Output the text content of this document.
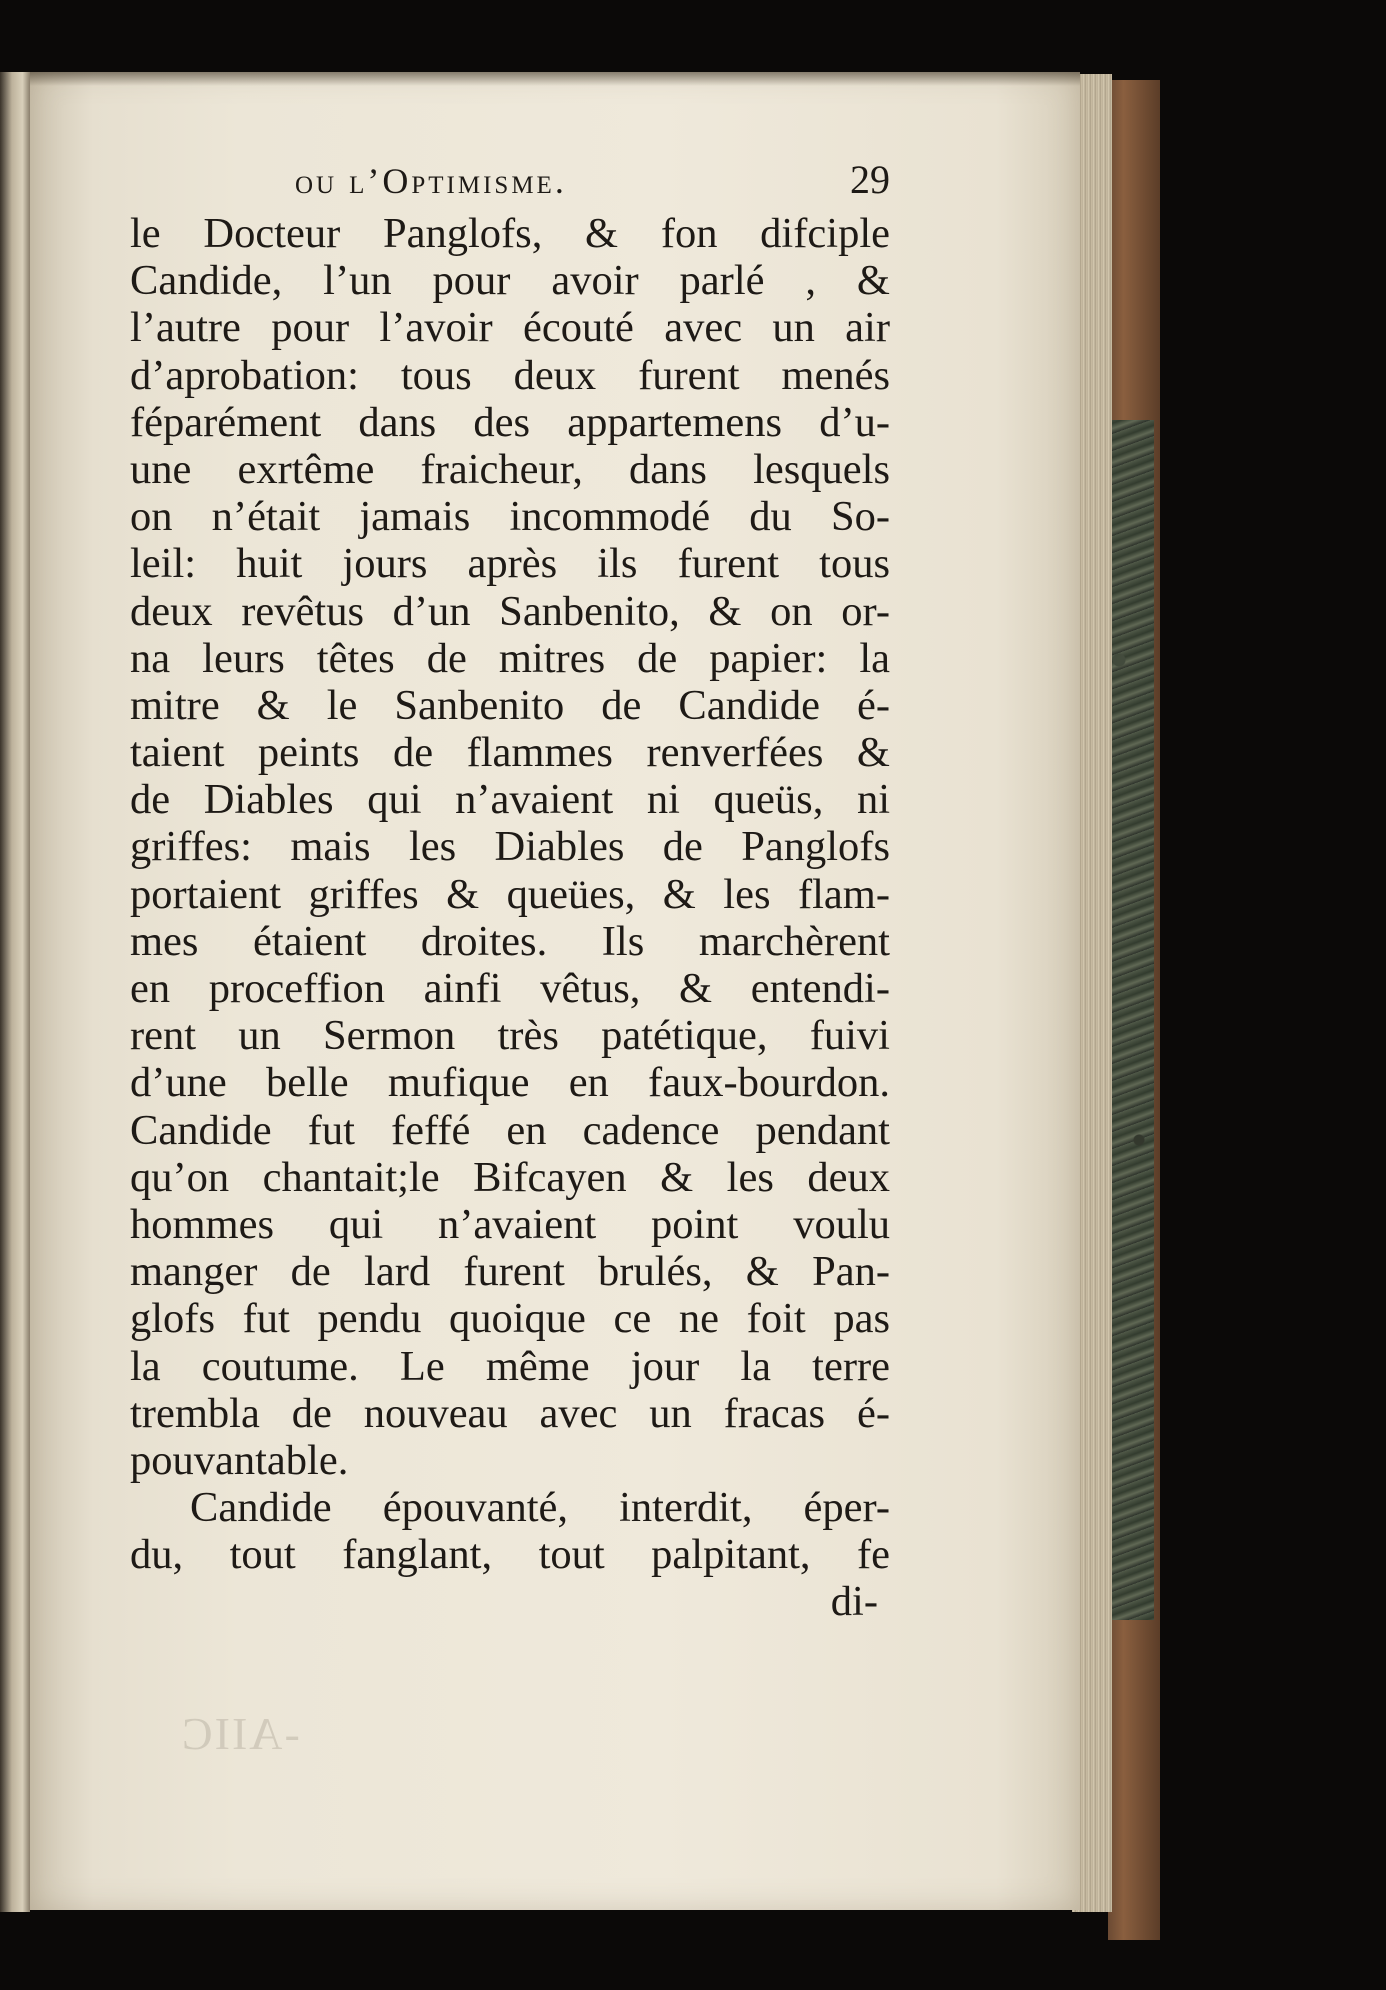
-AIIC
ou l’Optimisme.	29
le Docteur Panglofs, & fon difciple
Candide, l’un pour avoir parlé , &
l’autre pour l’avoir écouté avec un air
d’aprobation: tous deux furent menés
féparément dans des appartemens d’u-
une exrtême fraicheur, dans lesquels
on n’était jamais incommodé du So-
leil: huit jours après ils furent tous
deux revêtus d’un Sanbenito, & on or-
na leurs têtes de mitres de papier: la
mitre & le Sanbenito de Candide é-
taient peints de flammes renverfées &
de Diables qui n’avaient ni queüs, ni
griffes: mais les Diables de Panglofs
portaient griffes & queües, & les flam-
mes étaient droites. Ils marchèrent
en proceffion ainfi vêtus, & entendi-
rent un Sermon très patétique, fuivi
d’une belle mufique en faux-bourdon.
Candide fut feffé en cadence pendant
qu’on chantait;le Bifcayen & les deux
hommes qui n’avaient point voulu
manger de lard furent brulés, & Pan-
glofs fut pendu quoique ce ne foit pas
la coutume. Le même jour la terre
trembla de nouveau avec un fracas é-
pouvantable.
Candide épouvanté, interdit, éper-
du, tout fanglant, tout palpitant, fe
di-
